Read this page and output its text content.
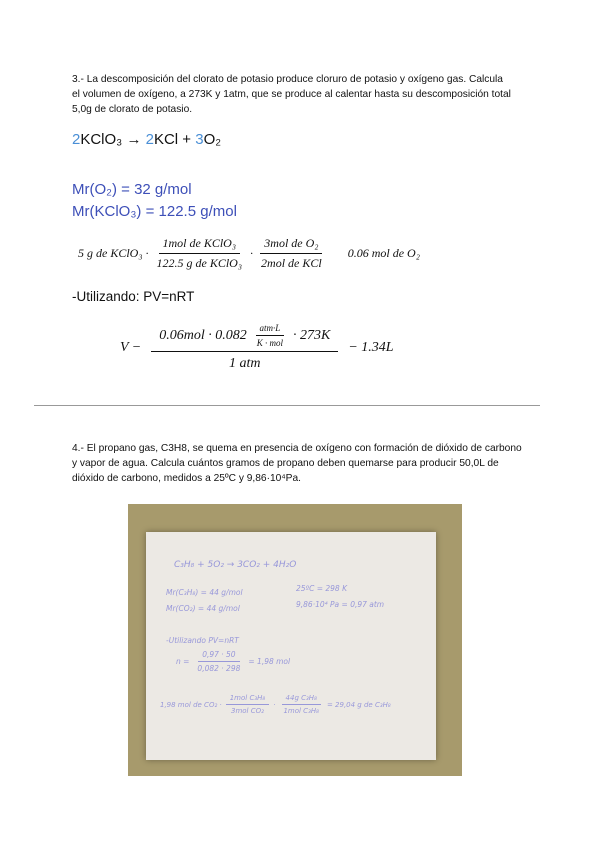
3.- La descomposición del clorato de potasio produce cloruro de potasio y oxígeno gas. Calcula el volumen de oxígeno, a 273K y 1atm, que se produce al calentar hasta su descomposición total 5,0g de clorato de potasio.
2KClO₃ → 2KCl + 3O₂
Mr(O₂) = 32 g/mol
Mr(KClO₃) = 122.5 g/mol
5 g de KClO₃ · $\frac{\text{1mol de KClO₃}}{\text{122.5 g de KClO₃}} \cdot \frac{\text{3mol de O₂}}{\text{2mol de KCl}} 0.06$ mol de O₂
-Utilizando: PV=nRT
V −
$0.06mol \cdot 0.082 \frac{\text{atm·L}}{\text{K · mol}} \cdot 273K$
1 atm
− 1.34L
4.- El propano gas, C3H8, se quema en presencia de oxígeno con formación de dióxido de carbono y vapor de agua. Calcula cuántos gramos de propano deben quemarse para producir 50,0L de dióxido de carbono, medidos a 25ºC y 9,86·10⁴Pa.
C₃H₈ + 5O₂ → 3CO₂ + 4H₂O
Mr(C₃H₈) = 44 g/mol	25ºC = 298 K
Mr(CO₂) = 44 g/mol	9,86·10⁴ Pa = 0,97 atm
-Utilizando PV=nRT
$n = \frac{0,97 \cdot 50}{0,082 \cdot 298} = 1,98$ mol
1,98 mol de $CO_2 \cdot \frac{\text{1mol C₃H₈}}{\text{3mol CO₂}} \cdot \frac{\text{44g C₃H₈}}{\text{1mol C₃H₈}} = 29,04$ g de C₃H₈
